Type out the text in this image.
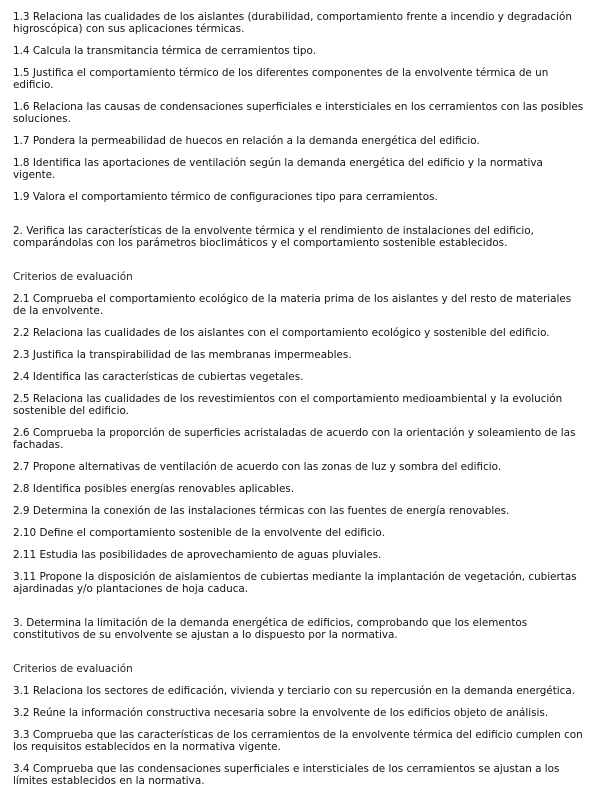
1.3 Relaciona las cualidades de los aislantes (durabilidad, comportamiento frente a incendio y degradación higroscópica) con sus aplicaciones térmicas.

1.4 Calcula la transmitancia térmica de cerramientos tipo.

1.5 Justifica el comportamiento térmico de los diferentes componentes de la envolvente térmica de un edificio.

1.6 Relaciona las causas de condensaciones superficiales e intersticiales en los cerramientos con las posibles soluciones.

1.7 Pondera la permeabilidad de huecos en relación a la demanda energética del edificio.

1.8 Identifica las aportaciones de ventilación según la demanda energética del edificio y la normativa vigente.

1.9 Valora el comportamiento térmico de configuraciones tipo para cerramientos.

2. Verifica las características de la envolvente térmica y el rendimiento de instalaciones del edificio, comparándolas con los parámetros bioclimáticos y el comportamiento sostenible establecidos.

Criterios de evaluación

2.1 Comprueba el comportamiento ecológico de la materia prima de los aislantes y del resto de materiales de la envolvente.

2.2 Relaciona las cualidades de los aislantes con el comportamiento ecológico y sostenible del edificio.

2.3 Justifica la transpirabilidad de las membranas impermeables.

2.4 Identifica las características de cubiertas vegetales.

2.5 Relaciona las cualidades de los revestimientos con el comportamiento medioambiental y la evolución sostenible del edificio.

2.6 Comprueba la proporción de superficies acristaladas de acuerdo con la orientación y soleamiento de las fachadas.

2.7 Propone alternativas de ventilación de acuerdo con las zonas de luz y sombra del edificio.

2.8 Identifica posibles energías renovables aplicables.

2.9 Determina la conexión de las instalaciones térmicas con las fuentes de energía renovables.

2.10 Define el comportamiento sostenible de la envolvente del edificio.

2.11 Estudia las posibilidades de aprovechamiento de aguas pluviales.

3.11 Propone la disposición de aislamientos de cubiertas mediante la implantación de vegetación, cubiertas ajardinadas y/o plantaciones de hoja caduca.

3. Determina la limitación de la demanda energética de edificios, comprobando que los elementos constitutivos de su envolvente se ajustan a lo dispuesto por la normativa.

Criterios de evaluación

3.1 Relaciona los sectores de edificación, vivienda y terciario con su repercusión en la demanda energética.

3.2 Reúne la información constructiva necesaria sobre la envolvente de los edificios objeto de análisis.

3.3 Comprueba que las características de los cerramientos de la envolvente térmica del edificio cumplen con los requisitos establecidos en la normativa vigente.

3.4 Comprueba que las condensaciones superficiales e intersticiales de los cerramientos se ajustan a los límites establecidos en la normativa.
